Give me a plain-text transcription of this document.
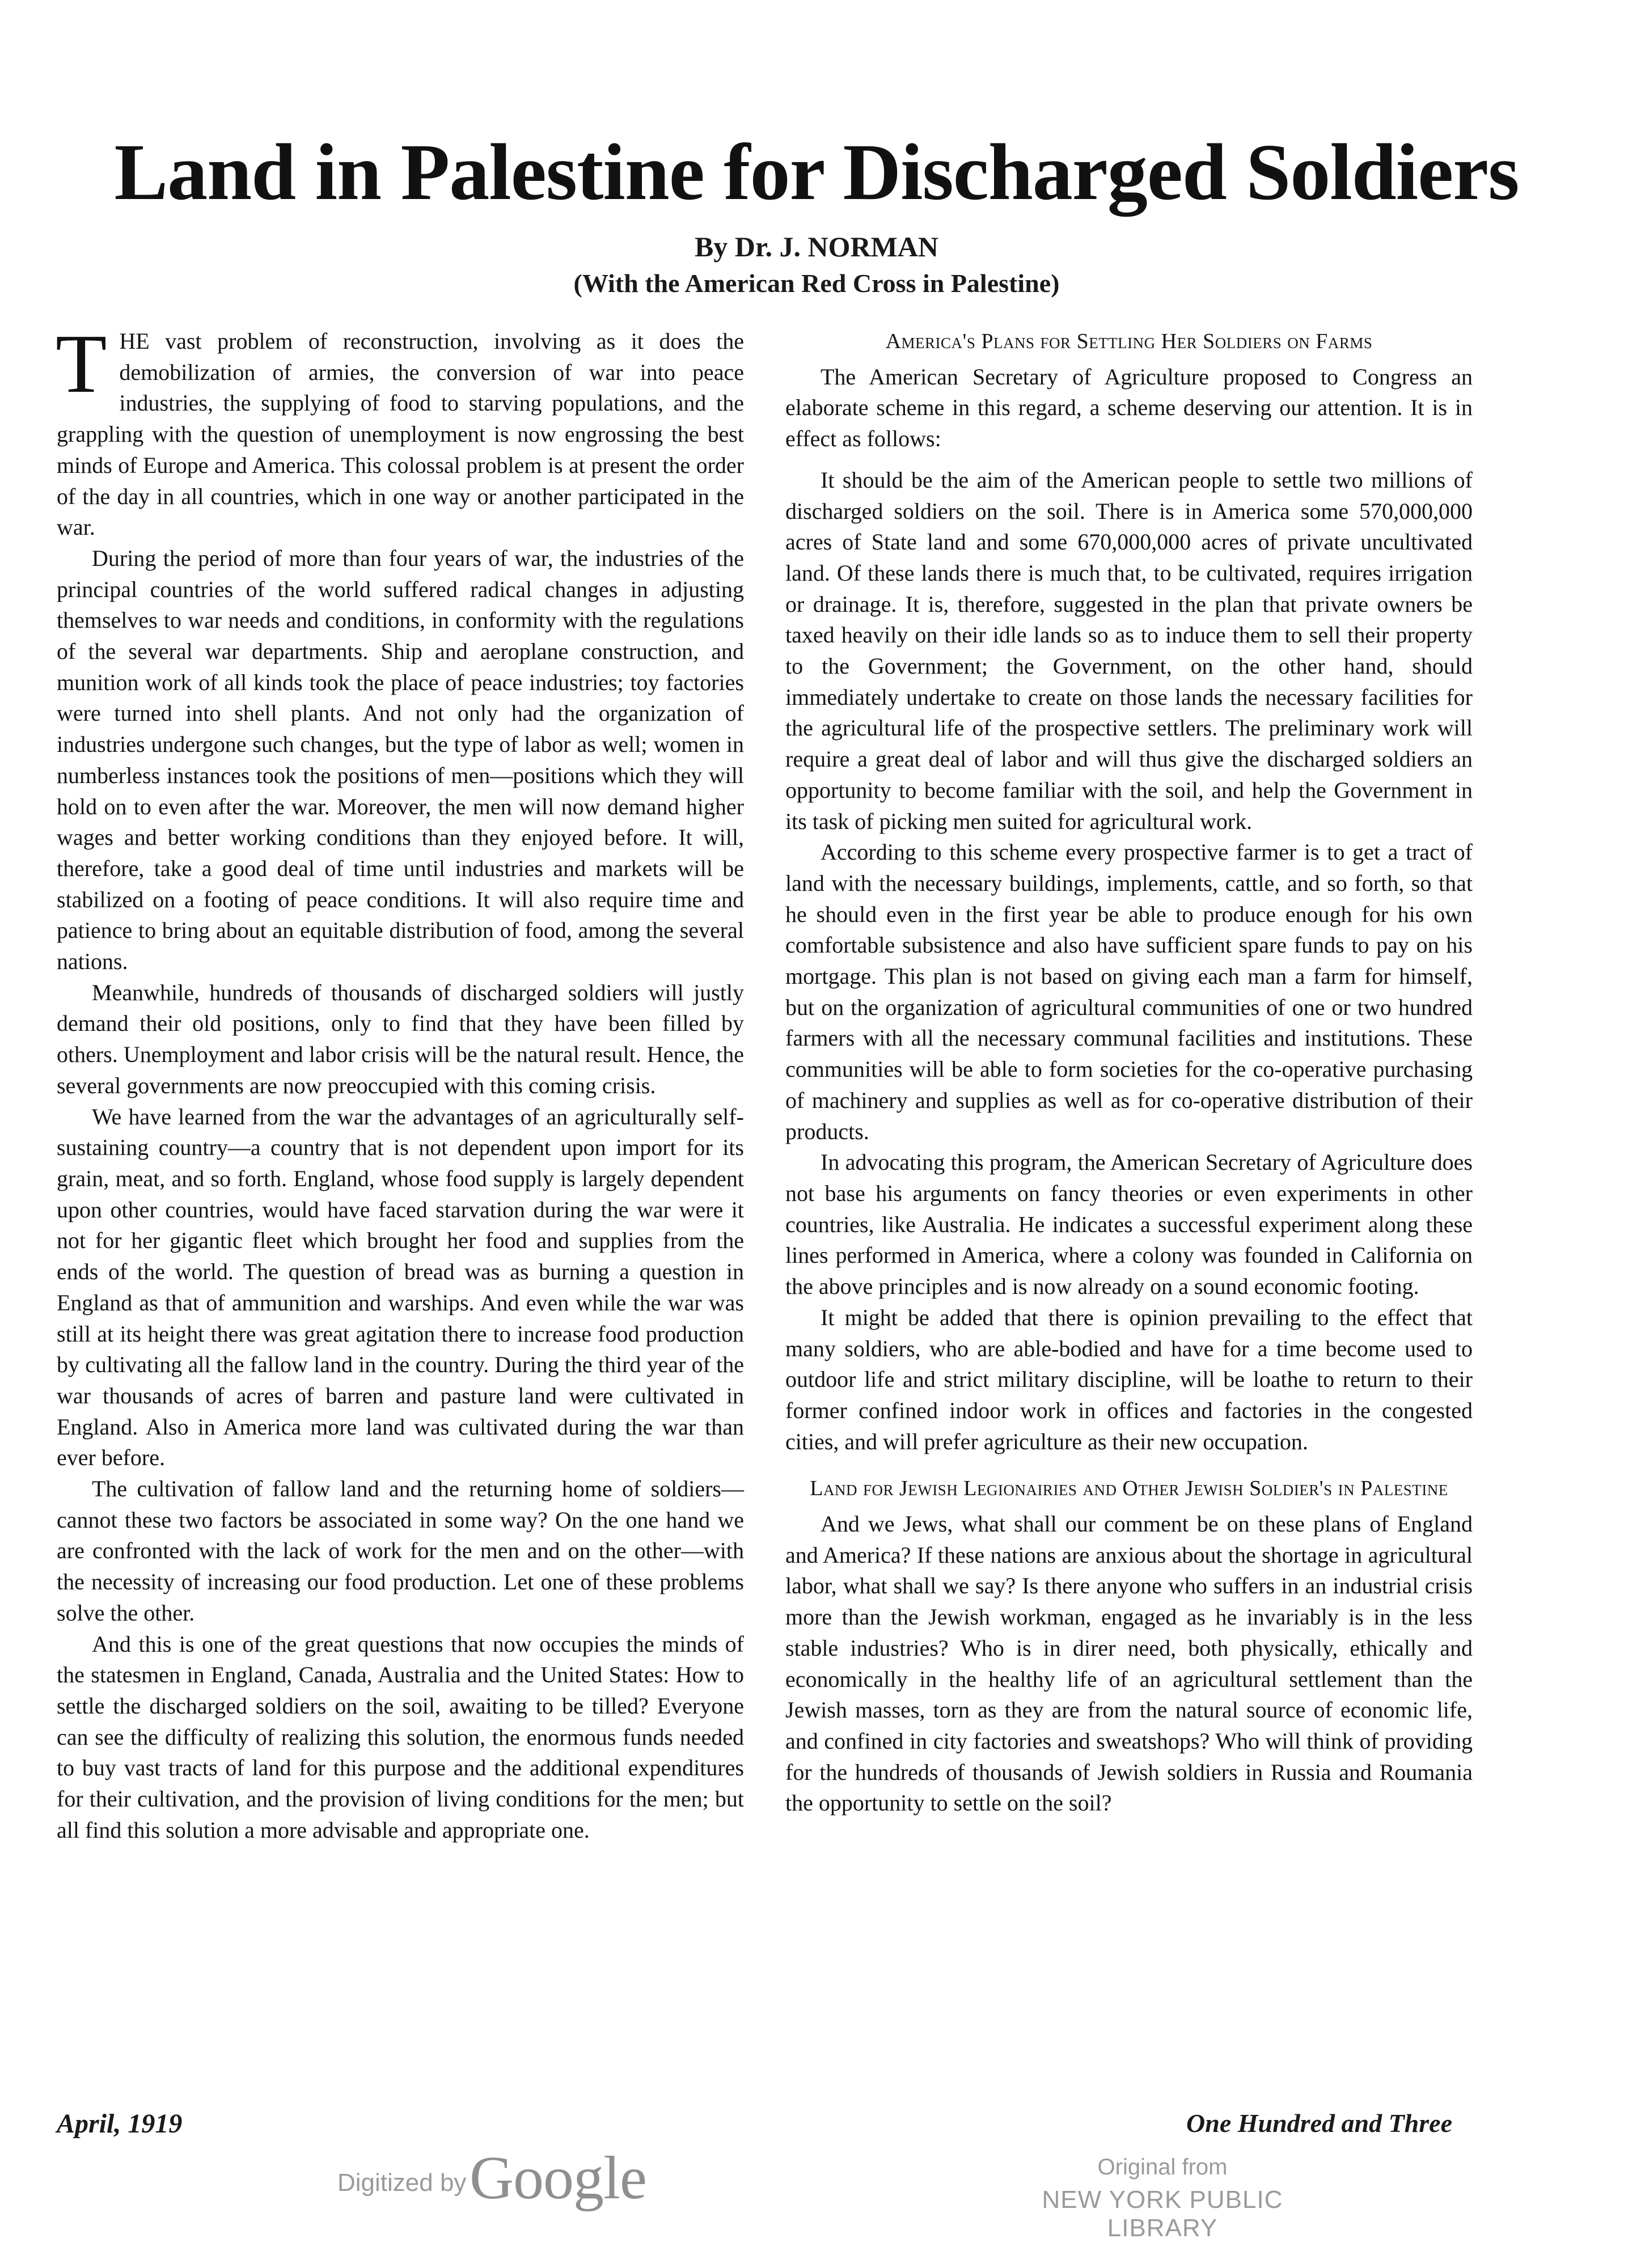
Land in Palestine for Discharged Soldiers
By Dr. J. NORMAN
(With the American Red Cross in Palestine)

THE vast problem of reconstruction, involving as it does the demobilization of armies, the conversion of war into peace industries, the supplying of food to starving populations, and the grappling with the question of unemployment is now engrossing the best minds of Europe and America. This colossal problem is at present the order of the day in all countries, which in one way or another participated in the war.

During the period of more than four years of war, the industries of the principal countries of the world suffered radical changes in adjusting themselves to war needs and conditions, in conformity with the regulations of the several war departments. Ship and aeroplane construction, and munition work of all kinds took the place of peace industries; toy factories were turned into shell plants. And not only had the organization of industries undergone such changes, but the type of labor as well; women in numberless instances took the positions of men—positions which they will hold on to even after the war. Moreover, the men will now demand higher wages and better working conditions than they enjoyed before. It will, therefore, take a good deal of time until industries and markets will be stabilized on a footing of peace conditions. It will also require time and patience to bring about an equitable distribution of food, among the several nations.

Meanwhile, hundreds of thousands of discharged soldiers will justly demand their old positions, only to find that they have been filled by others. Unemployment and labor crisis will be the natural result. Hence, the several governments are now preoccupied with this coming crisis.

We have learned from the war the advantages of an agriculturally self-sustaining country—a country that is not dependent upon import for its grain, meat, and so forth. England, whose food supply is largely dependent upon other countries, would have faced starvation during the war were it not for her gigantic fleet which brought her food and supplies from the ends of the world. The question of bread was as burning a question in England as that of ammunition and warships. And even while the war was still at its height there was great agitation there to increase food production by cultivating all the fallow land in the country. During the third year of the war thousands of acres of barren and pasture land were cultivated in England. Also in America more land was cultivated during the war than ever before.

The cultivation of fallow land and the returning home of soldiers—cannot these two factors be associated in some way? On the one hand we are confronted with the lack of work for the men and on the other—with the necessity of increasing our food production. Let one of these problems solve the other.

And this is one of the great questions that now occupies the minds of the statesmen in England, Canada, Australia and the United States: How to settle the discharged soldiers on the soil, awaiting to be tilled? Everyone can see the difficulty of realizing this solution, the enormous funds needed to buy vast tracts of land for this purpose and the additional expenditures for their cultivation, and the provision of living conditions for the men; but all find this solution a more advisable and appropriate one.

America's Plans for Settling Her Soldiers on Farms

The American Secretary of Agriculture proposed to Congress an elaborate scheme in this regard, a scheme deserving our attention. It is in effect as follows:

It should be the aim of the American people to settle two millions of discharged soldiers on the soil. There is in America some 570,000,000 acres of State land and some 670,000,000 acres of private uncultivated land. Of these lands there is much that, to be cultivated, requires irrigation or drainage. It is, therefore, suggested in the plan that private owners be taxed heavily on their idle lands so as to induce them to sell their property to the Government; the Government, on the other hand, should immediately undertake to create on those lands the necessary facilities for the agricultural life of the prospective settlers. The preliminary work will require a great deal of labor and will thus give the discharged soldiers an opportunity to become familiar with the soil, and help the Government in its task of picking men suited for agricultural work.

According to this scheme every prospective farmer is to get a tract of land with the necessary buildings, implements, cattle, and so forth, so that he should even in the first year be able to produce enough for his own comfortable subsistence and also have sufficient spare funds to pay on his mortgage. This plan is not based on giving each man a farm for himself, but on the organization of agricultural communities of one or two hundred farmers with all the necessary communal facilities and institutions. These communities will be able to form societies for the co-operative purchasing of machinery and supplies as well as for co-operative distribution of their products.

In advocating this program, the American Secretary of Agriculture does not base his arguments on fancy theories or even experiments in other countries, like Australia. He indicates a successful experiment along these lines performed in America, where a colony was founded in California on the above principles and is now already on a sound economic footing.

It might be added that there is opinion prevailing to the effect that many soldiers, who are able-bodied and have for a time become used to outdoor life and strict military discipline, will be loathe to return to their former confined indoor work in offices and factories in the congested cities, and will prefer agriculture as their new occupation.

Land for Jewish Legionairies and Other Jewish Soldier's in Palestine

And we Jews, what shall our comment be on these plans of England and America? If these nations are anxious about the shortage in agricultural labor, what shall we say? Is there anyone who suffers in an industrial crisis more than the Jewish workman, engaged as he invariably is in the less stable industries? Who is in direr need, both physically, ethically and economically in the healthy life of an agricultural settlement than the Jewish masses, torn as they are from the natural source of economic life, and confined in city factories and sweatshops? Who will think of providing for the hundreds of thousands of Jewish soldiers in Russia and Roumania the opportunity to settle on the soil?

April, 1919	One Hundred and Three
Digitized by Google	Original from
NEW YORK PUBLIC LIBRARY
